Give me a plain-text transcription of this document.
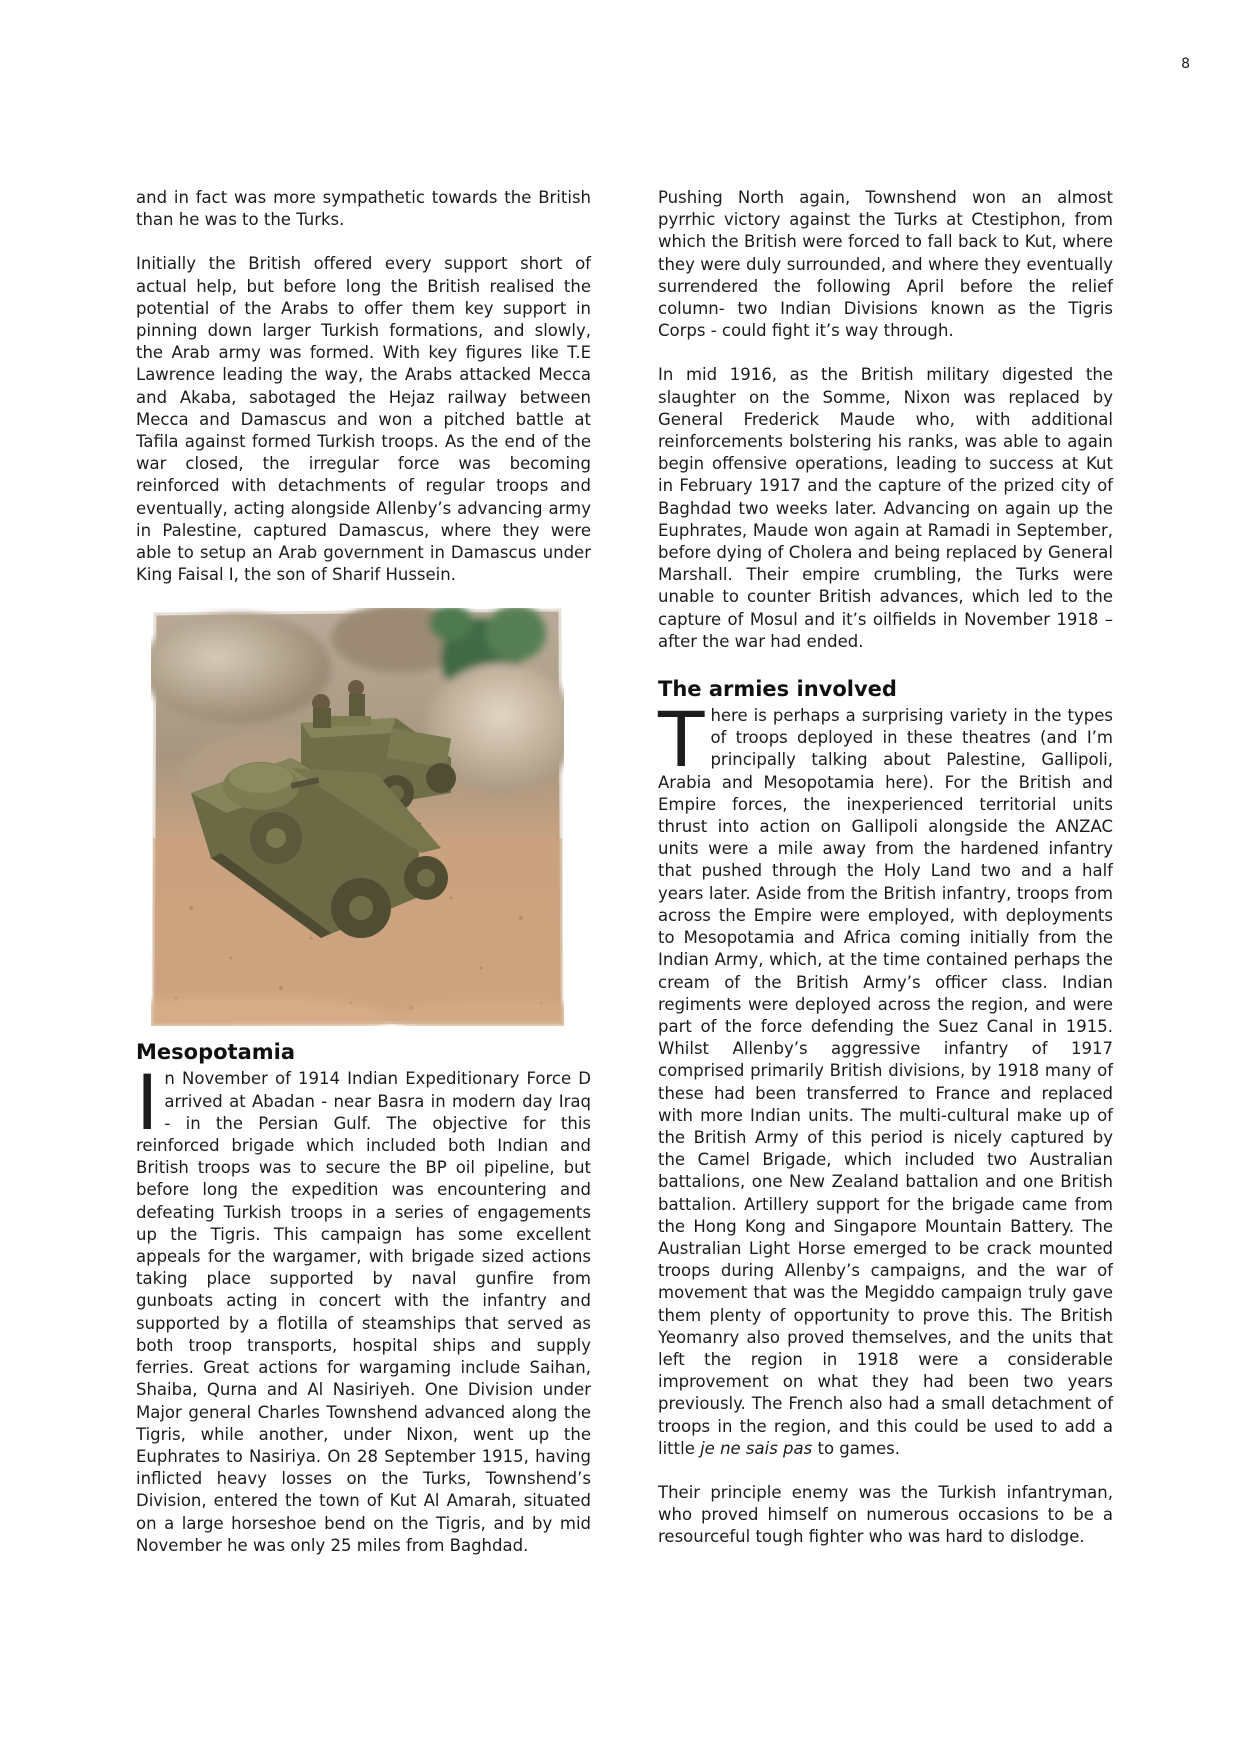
8

and in fact was more sympathetic towards the British than he was to the Turks.

Initially the British offered every support short of actual help, but before long the British realised the potential of the Arabs to offer them key support in pinning down larger Turkish formations, and slowly, the Arab army was formed. With key figures like T.E Lawrence leading the way, the Arabs attacked Mecca and Akaba, sabotaged the Hejaz railway between Mecca and Damascus and won a pitched battle at Tafila against formed Turkish troops. As the end of the war closed, the irregular force was becoming reinforced with detachments of regular troops and eventually, acting alongside Allenby’s advancing army in Palestine, captured Damascus, where they were able to setup an Arab government in Damascus under King Faisal I, the son of Sharif Hussein.

Mesopotamia

In November of 1914 Indian Expeditionary Force D arrived at Abadan - near Basra in modern day Iraq - in the Persian Gulf. The objective for this reinforced brigade which included both Indian and British troops was to secure the BP oil pipeline, but before long the expedition was encountering and defeating Turkish troops in a series of engagements up the Tigris. This campaign has some excellent appeals for the wargamer, with brigade sized actions taking place supported by naval gunfire from gunboats acting in concert with the infantry and supported by a flotilla of steamships that served as both troop transports, hospital ships and supply ferries. Great actions for wargaming include Saihan, Shaiba, Qurna and Al Nasiriyeh. One Division under Major general Charles Townshend advanced along the Tigris, while another, under Nixon, went up the Euphrates to Nasiriya. On 28 September 1915, having inflicted heavy losses on the Turks, Townshend’s Division, entered the town of Kut Al Amarah, situated on a large horseshoe bend on the Tigris, and by mid November he was only 25 miles from Baghdad.

Pushing North again, Townshend won an almost pyrrhic victory against the Turks at Ctestiphon, from which the British were forced to fall back to Kut, where they were duly surrounded, and where they eventually surrendered the following April before the relief column- two Indian Divisions known as the Tigris Corps - could fight it’s way through.

In mid 1916, as the British military digested the slaughter on the Somme, Nixon was replaced by General Frederick Maude who, with additional reinforcements bolstering his ranks, was able to again begin offensive operations, leading to success at Kut in February 1917 and the capture of the prized city of Baghdad two weeks later. Advancing on again up the Euphrates, Maude won again at Ramadi in September, before dying of Cholera and being replaced by General Marshall. Their empire crumbling, the Turks were unable to counter British advances, which led to the capture of Mosul and it’s oilfields in November 1918 – after the war had ended.

The armies involved

There is perhaps a surprising variety in the types of troops deployed in these theatres (and I’m principally talking about Palestine, Gallipoli, Arabia and Mesopotamia here). For the British and Empire forces, the inexperienced territorial units thrust into action on Gallipoli alongside the ANZAC units were a mile away from the hardened infantry that pushed through the Holy Land two and a half years later. Aside from the British infantry, troops from across the Empire were employed, with deployments to Mesopotamia and Africa coming initially from the Indian Army, which, at the time contained perhaps the cream of the British Army’s officer class. Indian regiments were deployed across the region, and were part of the force defending the Suez Canal in 1915. Whilst Allenby’s aggressive infantry of 1917 comprised primarily British divisions, by 1918 many of these had been transferred to France and replaced with more Indian units. The multi-cultural make up of the British Army of this period is nicely captured by the Camel Brigade, which included two Australian battalions, one New Zealand battalion and one British battalion. Artillery support for the brigade came from the Hong Kong and Singapore Mountain Battery. The Australian Light Horse emerged to be crack mounted troops during Allenby’s campaigns, and the war of movement that was the Megiddo campaign truly gave them plenty of opportunity to prove this. The British Yeomanry also proved themselves, and the units that left the region in 1918 were a considerable improvement on what they had been two years previously. The French also had a small detachment of troops in the region, and this could be used to add a little je ne sais pas to games.

Their principle enemy was the Turkish infantryman, who proved himself on numerous occasions to be a resourceful tough fighter who was hard to dislodge.
